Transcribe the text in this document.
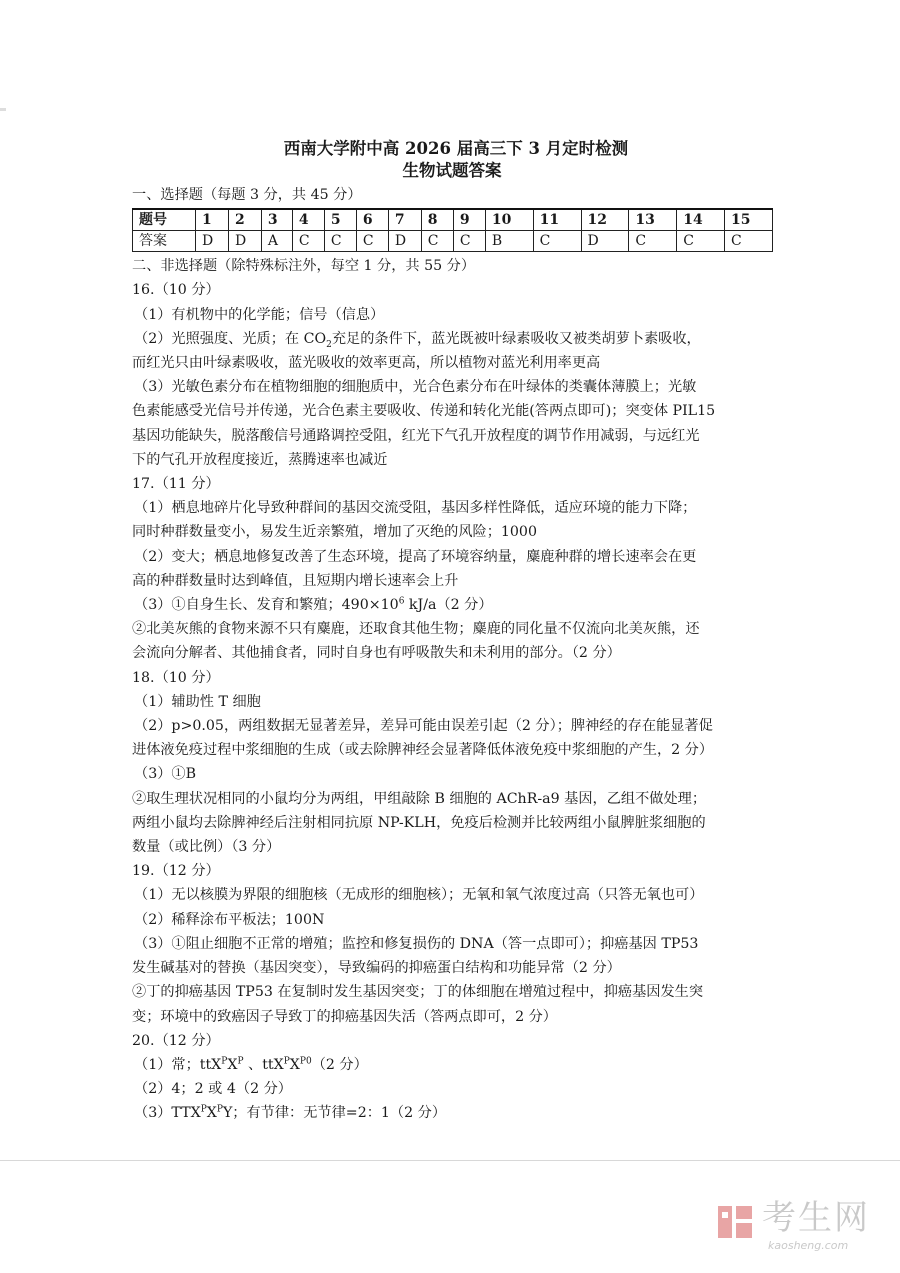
西南大学附中高 2026 届高三下 3 月定时检测
生物试题答案
一、选择题（每题 3 分，共 45 分）
题号	1	2	3	4	5	6	7	8	9	10	11	12	13	14	15
答案	D	D	A	C	C	C	D	C	C	B	C	D	C	C	C
二、非选择题（除特殊标注外，每空 1 分，共 55 分）
16.（10 分）
（1）有机物中的化学能；信号（信息）
（2）光照强度、光质；在 $CO_2$充足的条件下，蓝光既被叶绿素吸收又被类胡萝卜素吸收，
而红光只由叶绿素吸收，蓝光吸收的效率更高，所以植物对蓝光利用率更高
（3）光敏色素分布在植物细胞的细胞质中，光合色素分布在叶绿体的类囊体薄膜上；光敏
色素能感受光信号并传递，光合色素主要吸收、传递和转化光能(答两点即可)；突变体 PIL15
基因功能缺失，脱落酸信号通路调控受阻，红光下气孔开放程度的调节作用减弱，与远红光
下的气孔开放程度接近，蒸腾速率也减近
17.（11 分）
（1）栖息地碎片化导致种群间的基因交流受阻，基因多样性降低，适应环境的能力下降；
同时种群数量变小，易发生近亲繁殖，增加了灭绝的风险；1000
（2）变大；栖息地修复改善了生态环境，提高了环境容纳量，麋鹿种群的增长速率会在更
高的种群数量时达到峰值，且短期内增长速率会上升
（3）①自身生长、发育和繁殖；$490\times 10^6$ kJ/a（2 分）
②北美灰熊的食物来源不只有麋鹿，还取食其他生物；麋鹿的同化量不仅流向北美灰熊，还
会流向分解者、其他捕食者，同时自身也有呼吸散失和未利用的部分。（2 分）
18.（10 分）
（1）辅助性 T 细胞
（2）p>0.05，两组数据无显著差异，差异可能由误差引起（2 分）；脾神经的存在能显著促
进体液免疫过程中浆细胞的生成（或去除脾神经会显著降低体液免疫中浆细胞的产生，2 分）
（3）①B
②取生理状况相同的小鼠均分为两组，甲组敲除 B 细胞的 AChR-a9 基因，乙组不做处理；
两组小鼠均去除脾神经后注射相同抗原 NP-KLH，免疫后检测并比较两组小鼠脾脏浆细胞的
数量（或比例）（3 分）
19.（12 分）
（1）无以核膜为界限的细胞核（无成形的细胞核）；无氧和氧气浓度过高（只答无氧也可）
（2）稀释涂布平板法；100N
（3）①阻止细胞不正常的增殖；监控和修复损伤的 DNA（答一点即可）；抑癌基因 TP53
发生碱基对的替换（基因突变），导致编码的抑癌蛋白结构和功能异常（2 分）
②丁的抑癌基因 TP53 在复制时发生基因突变；丁的体细胞在增殖过程中，抑癌基因发生突
变；环境中的致癌因子导致丁的抑癌基因失活（答两点即可，2 分）
20.（12 分）
（1）常；$ttX^PX^P$ 、$ttX^PX^{P0}(2$ 分）
（2）4；2 或 4（2 分）
$(3)TTX^PX^PY$；有节律：无节律=2：1（2 分）
考生网
kaosheng.com
